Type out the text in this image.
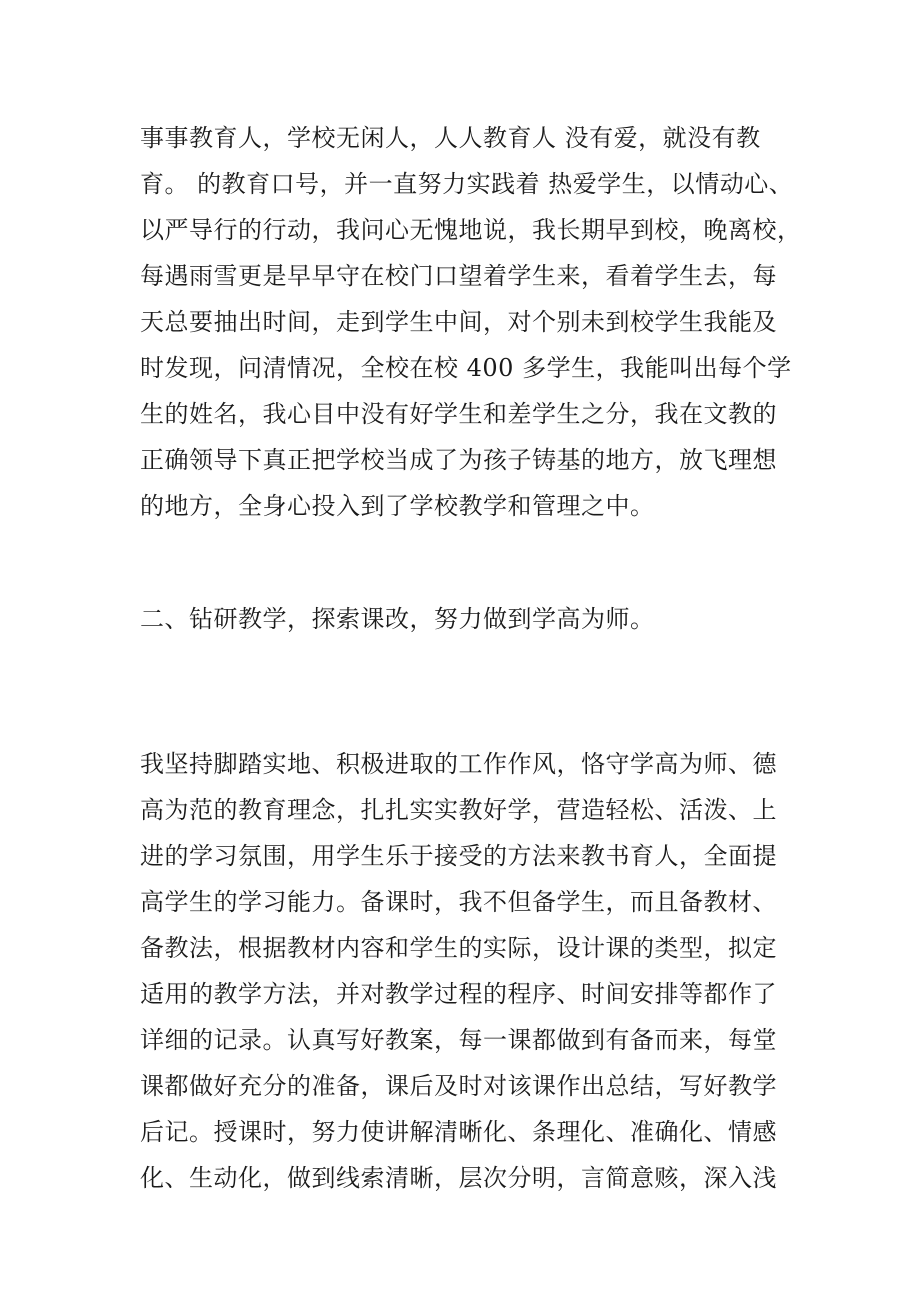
事事教育人，学校无闲人，人人教育人 没有爱，就没有教
育。 的教育口号，并一直努力实践着 热爱学生，以情动心、
以严导行的行动，我问心无愧地说，我长期早到校，晚离校，
每遇雨雪更是早早守在校门口望着学生来，看着学生去，每
天总要抽出时间，走到学生中间，对个别未到校学生我能及
时发现，问清情况，全校在校 400 多学生，我能叫出每个学
生的姓名，我心目中没有好学生和差学生之分，我在文教的
正确领导下真正把学校当成了为孩子铸基的地方，放飞理想
的地方，全身心投入到了学校教学和管理之中。
二、钻研教学，探索课改，努力做到学高为师。
我坚持脚踏实地、积极进取的工作作风，恪守学高为师、德
高为范的教育理念，扎扎实实教好学，营造轻松、活泼、上
进的学习氛围，用学生乐于接受的方法来教书育人，全面提
高学生的学习能力。备课时，我不但备学生，而且备教材、
备教法，根据教材内容和学生的实际，设计课的类型，拟定
适用的教学方法，并对教学过程的程序、时间安排等都作了
详细的记录。认真写好教案，每一课都做到有备而来，每堂
课都做好充分的准备，课后及时对该课作出总结，写好教学
后记。授课时，努力使讲解清晰化、条理化、准确化、情感
化、生动化，做到线索清晰，层次分明，言简意赅，深入浅
